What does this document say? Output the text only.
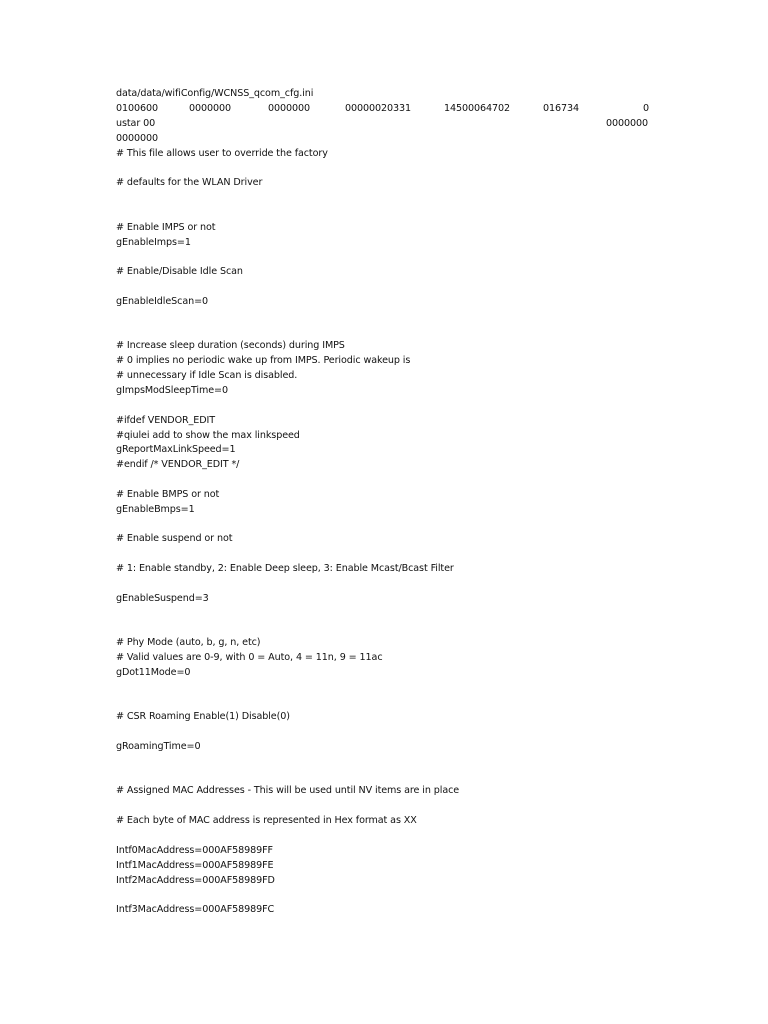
data/data/wifiConfig/WCNSS_qcom_cfg.ini
0100600	0000000	0000000	00000020331	14500064702	016734	0
ustar 00	0000000
0000000
# This file allows user to override the factory
# defaults for the WLAN Driver
# Enable IMPS or not
gEnableImps=1
# Enable/Disable Idle Scan
gEnableIdleScan=0
# Increase sleep duration (seconds) during IMPS
# 0 implies no periodic wake up from IMPS. Periodic wakeup is
# unnecessary if Idle Scan is disabled.
gImpsModSleepTime=0
#ifdef VENDOR_EDIT
#qiulei add to show the max linkspeed
gReportMaxLinkSpeed=1
#endif /* VENDOR_EDIT */
# Enable BMPS or not
gEnableBmps=1
# Enable suspend or not
# 1: Enable standby, 2: Enable Deep sleep, 3: Enable Mcast/Bcast Filter
gEnableSuspend=3
# Phy Mode (auto, b, g, n, etc)
# Valid values are 0-9, with 0 = Auto, 4 = 11n, 9 = 11ac
gDot11Mode=0
# CSR Roaming Enable(1) Disable(0)
gRoamingTime=0
# Assigned MAC Addresses - This will be used until NV items are in place
# Each byte of MAC address is represented in Hex format as XX
Intf0MacAddress=000AF58989FF
Intf1MacAddress=000AF58989FE
Intf2MacAddress=000AF58989FD
Intf3MacAddress=000AF58989FC
